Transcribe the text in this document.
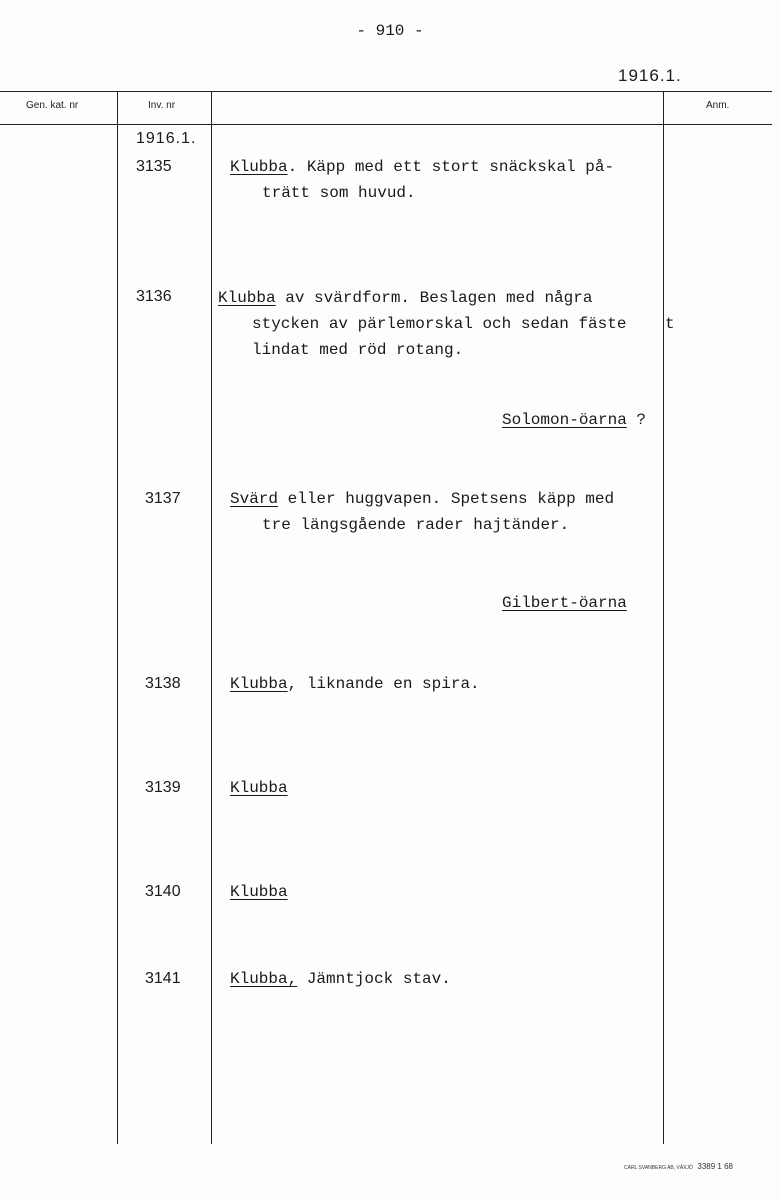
- 910 -
1916.1.
Gen. kat. nr	Inv. nr	Anm.
1916.1.
3135	Klubba. Käpp med ett stort snäckskal på-
trätt som huvud.
3136	Klubba av svärdform. Beslagen med några
stycken av pärlemorskal och sedan fäste t
lindat med röd rotang.
Solomon-öarna ?
3137	Svärd eller huggvapen. Spetsens käpp med
tre längsgående rader hajtänder.
Gilbert-öarna
3138	Klubba, liknande en spira.
3139	Klubba
3140	Klubba
3141	Klubba, Jämntjock stav.
CARL SVANBERG AB, VÄXJÖ 3389 1 68
